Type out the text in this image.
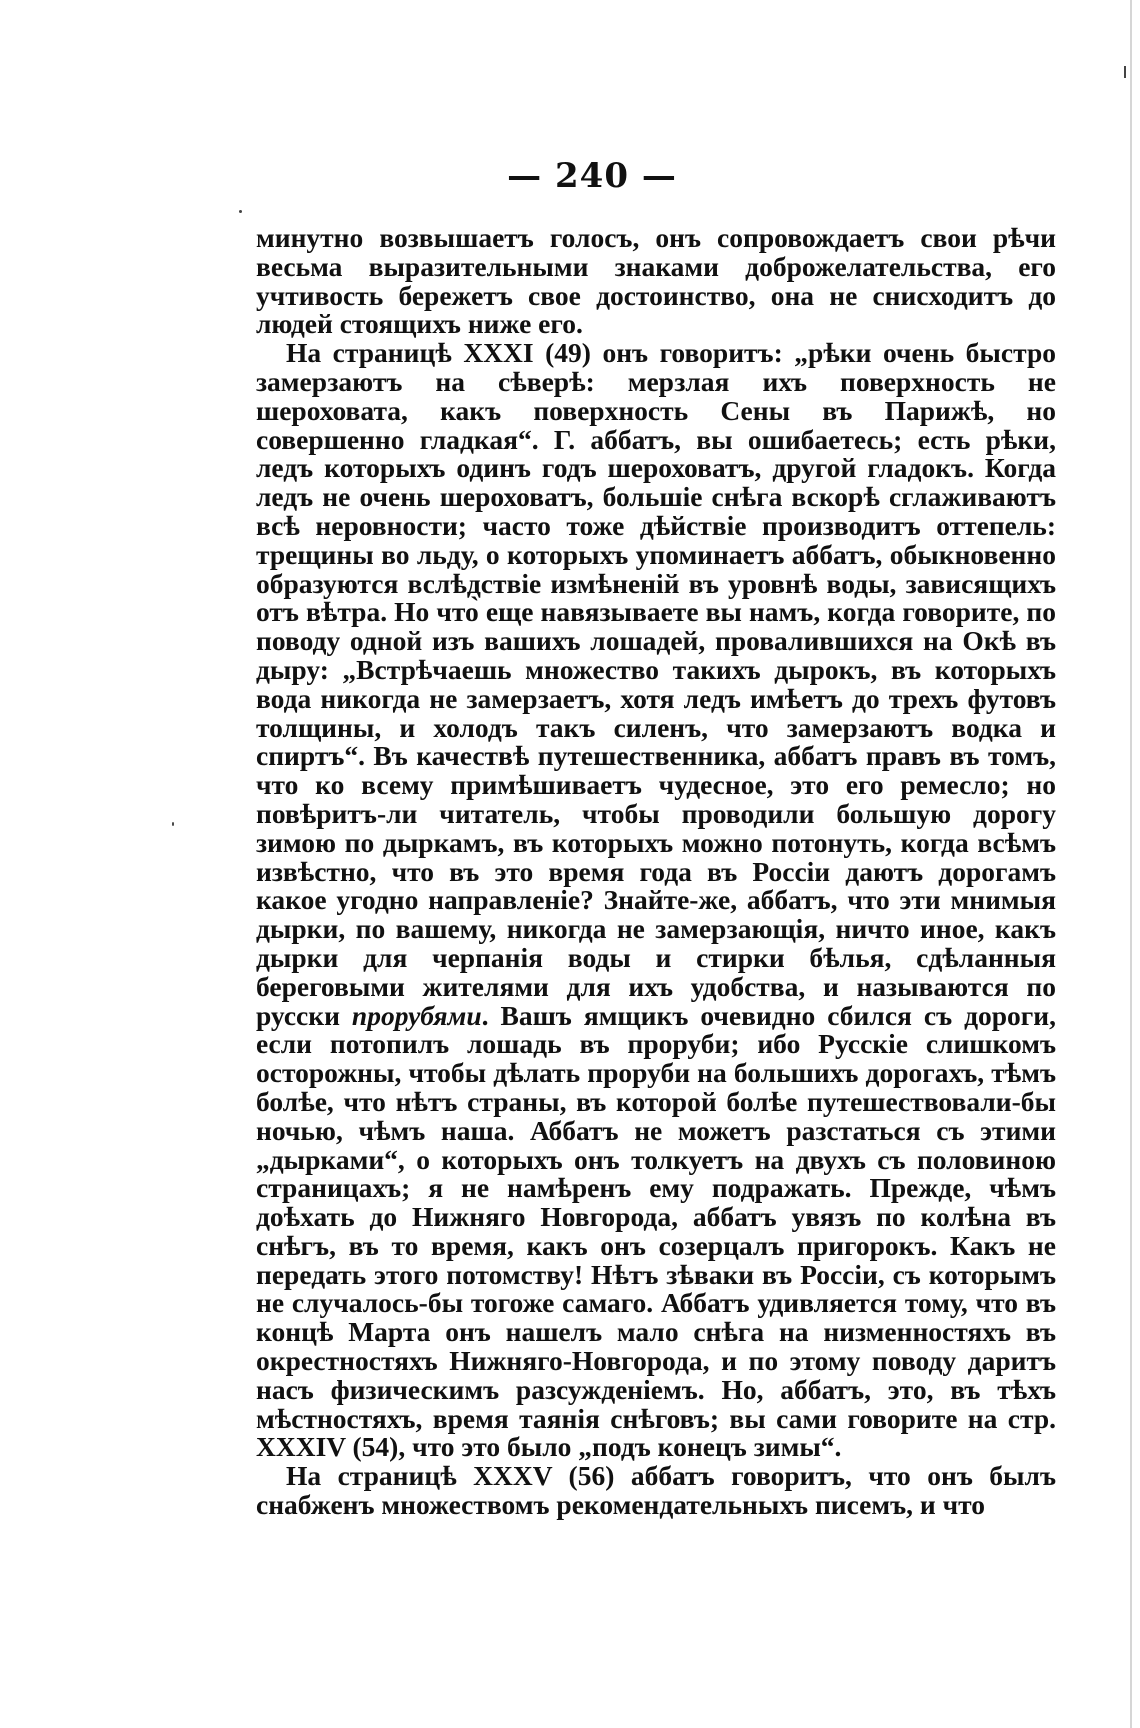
— 240 —

минутно возвышаетъ голосъ, онъ сопровождаетъ свои рѣчи весьма выразительными знаками доброжелательства, его учтивость бережетъ свое достоинство, она не снисходитъ до людей стоящихъ ниже его.

На страницѣ XXXI (49) онъ говоритъ: „рѣки очень быстро замерзаютъ на сѣверѣ: мерзлая ихъ поверхность не шероховата, какъ поверхность Сены въ Парижѣ, но совершенно гладкая“. Г. аббатъ, вы ошибаетесь; есть рѣки, ледъ которыхъ одинъ годъ шероховатъ, другой гладокъ. Когда ледъ не очень шероховатъ, большіе снѣга вскорѣ сглаживаютъ всѣ неровности; часто тоже дѣйствіе производитъ оттепель: трещины во льду, о которыхъ упоминаетъ аббатъ, обыкновенно образуются вслѣдствіе измѣненій въ уровнѣ воды, зависящихъ отъ вѣтра. Но что̀ еще навязываете вы намъ, когда говорите, по поводу одной изъ вашихъ лошадей, провалившихся на Окѣ въ дыру: „Встрѣчаешь множество такихъ дырокъ, въ которыхъ вода никогда не замерзаетъ, хотя ледъ имѣетъ до трехъ футовъ толщины, и холодъ такъ силенъ, что замерзаютъ водка и спиртъ“. Въ качествѣ путешественника, аббатъ правъ въ томъ, что ко всему примѣшиваетъ чудесное, это его ремесло; но повѣритъ-ли читатель, чтобы проводили большую дорогу зимою по дыркамъ, въ которыхъ можно потонуть, когда всѣмъ извѣстно, что въ это время года въ Россіи даютъ дорогамъ какое угодно направленіе? Знайте-же, аббатъ, что эти мнимыя дырки, по вашему, никогда не замерзающія, ничто иное, какъ дырки для черпанія воды и стирки бѣлья, сдѣланныя береговыми жителями для ихъ удобства, и называются по русски прорубями. Вашъ ямщикъ очевидно сбился съ дороги, если потопилъ лошадь въ проруби; ибо Русскіе слишкомъ осторожны, чтобы дѣлать проруби на большихъ дорогахъ, тѣмъ болѣе, что нѣтъ страны, въ которой болѣе путешествовали-бы ночью, чѣмъ наша. Аббатъ не можетъ разстаться съ этими „дырками“, о которыхъ онъ толкуетъ на двухъ съ половиною страницахъ; я не намѣренъ ему подражать. Прежде, чѣмъ доѣхать до Нижняго Новгорода, аббатъ увязъ по колѣна въ снѣгъ, въ то время, какъ онъ созерцалъ пригорокъ. Какъ не передать этого потомству! Нѣтъ зѣваки въ Россіи, съ которымъ не случалось-бы тогоже самаго. Аббатъ удивляется тому, что въ концѣ Марта онъ нашелъ мало снѣга на низменностяхъ въ окрестностяхъ Нижняго-Новгорода, и по этому поводу даритъ насъ физическимъ разсужденіемъ. Но, аббатъ, это, въ тѣхъ мѣстностяхъ, время таянія снѣговъ; вы сами говорите на стр. XXXIV (54), что это было „подъ конецъ зимы“.

На страницѣ XXXV (56) аббатъ говоритъ, что онъ былъ снабженъ множествомъ рекомендательныхъ писемъ, и что
